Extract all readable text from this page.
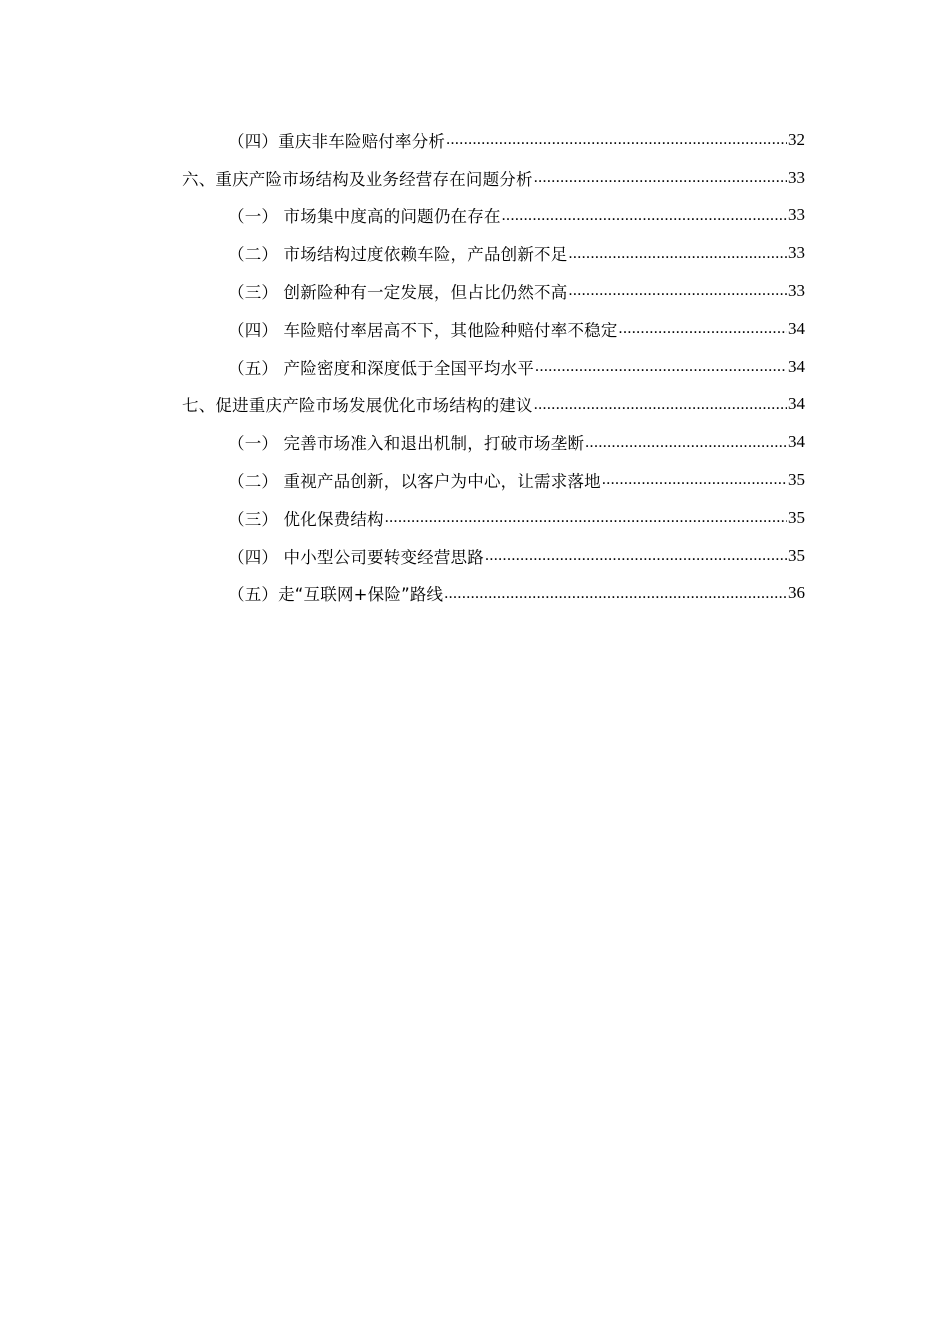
（四）重庆非车险赔付率分析 .....	32
六、重庆产险市场结构及业务经营存在问题分析 .....	33
（一） 市场集中度高的问题仍在存在 .....	33
（二） 市场结构过度依赖车险，产品创新不足 .....	33
（三） 创新险种有一定发展，但占比仍然不高 .....	33
（四） 车险赔付率居高不下，其他险种赔付率不稳定 .....	34
（五） 产险密度和深度低于全国平均水平 .....	34
七、促进重庆产险市场发展优化市场结构的建议 .....	34
（一） 完善市场准入和退出机制，打破市场垄断 .....	34
（二） 重视产品创新，以客户为中心，让需求落地 .....	35
（三） 优化保费结构 .....	35
（四） 中小型公司要转变经营思路 .....	35
（五）走“互联网+保险”路线 .....	36
